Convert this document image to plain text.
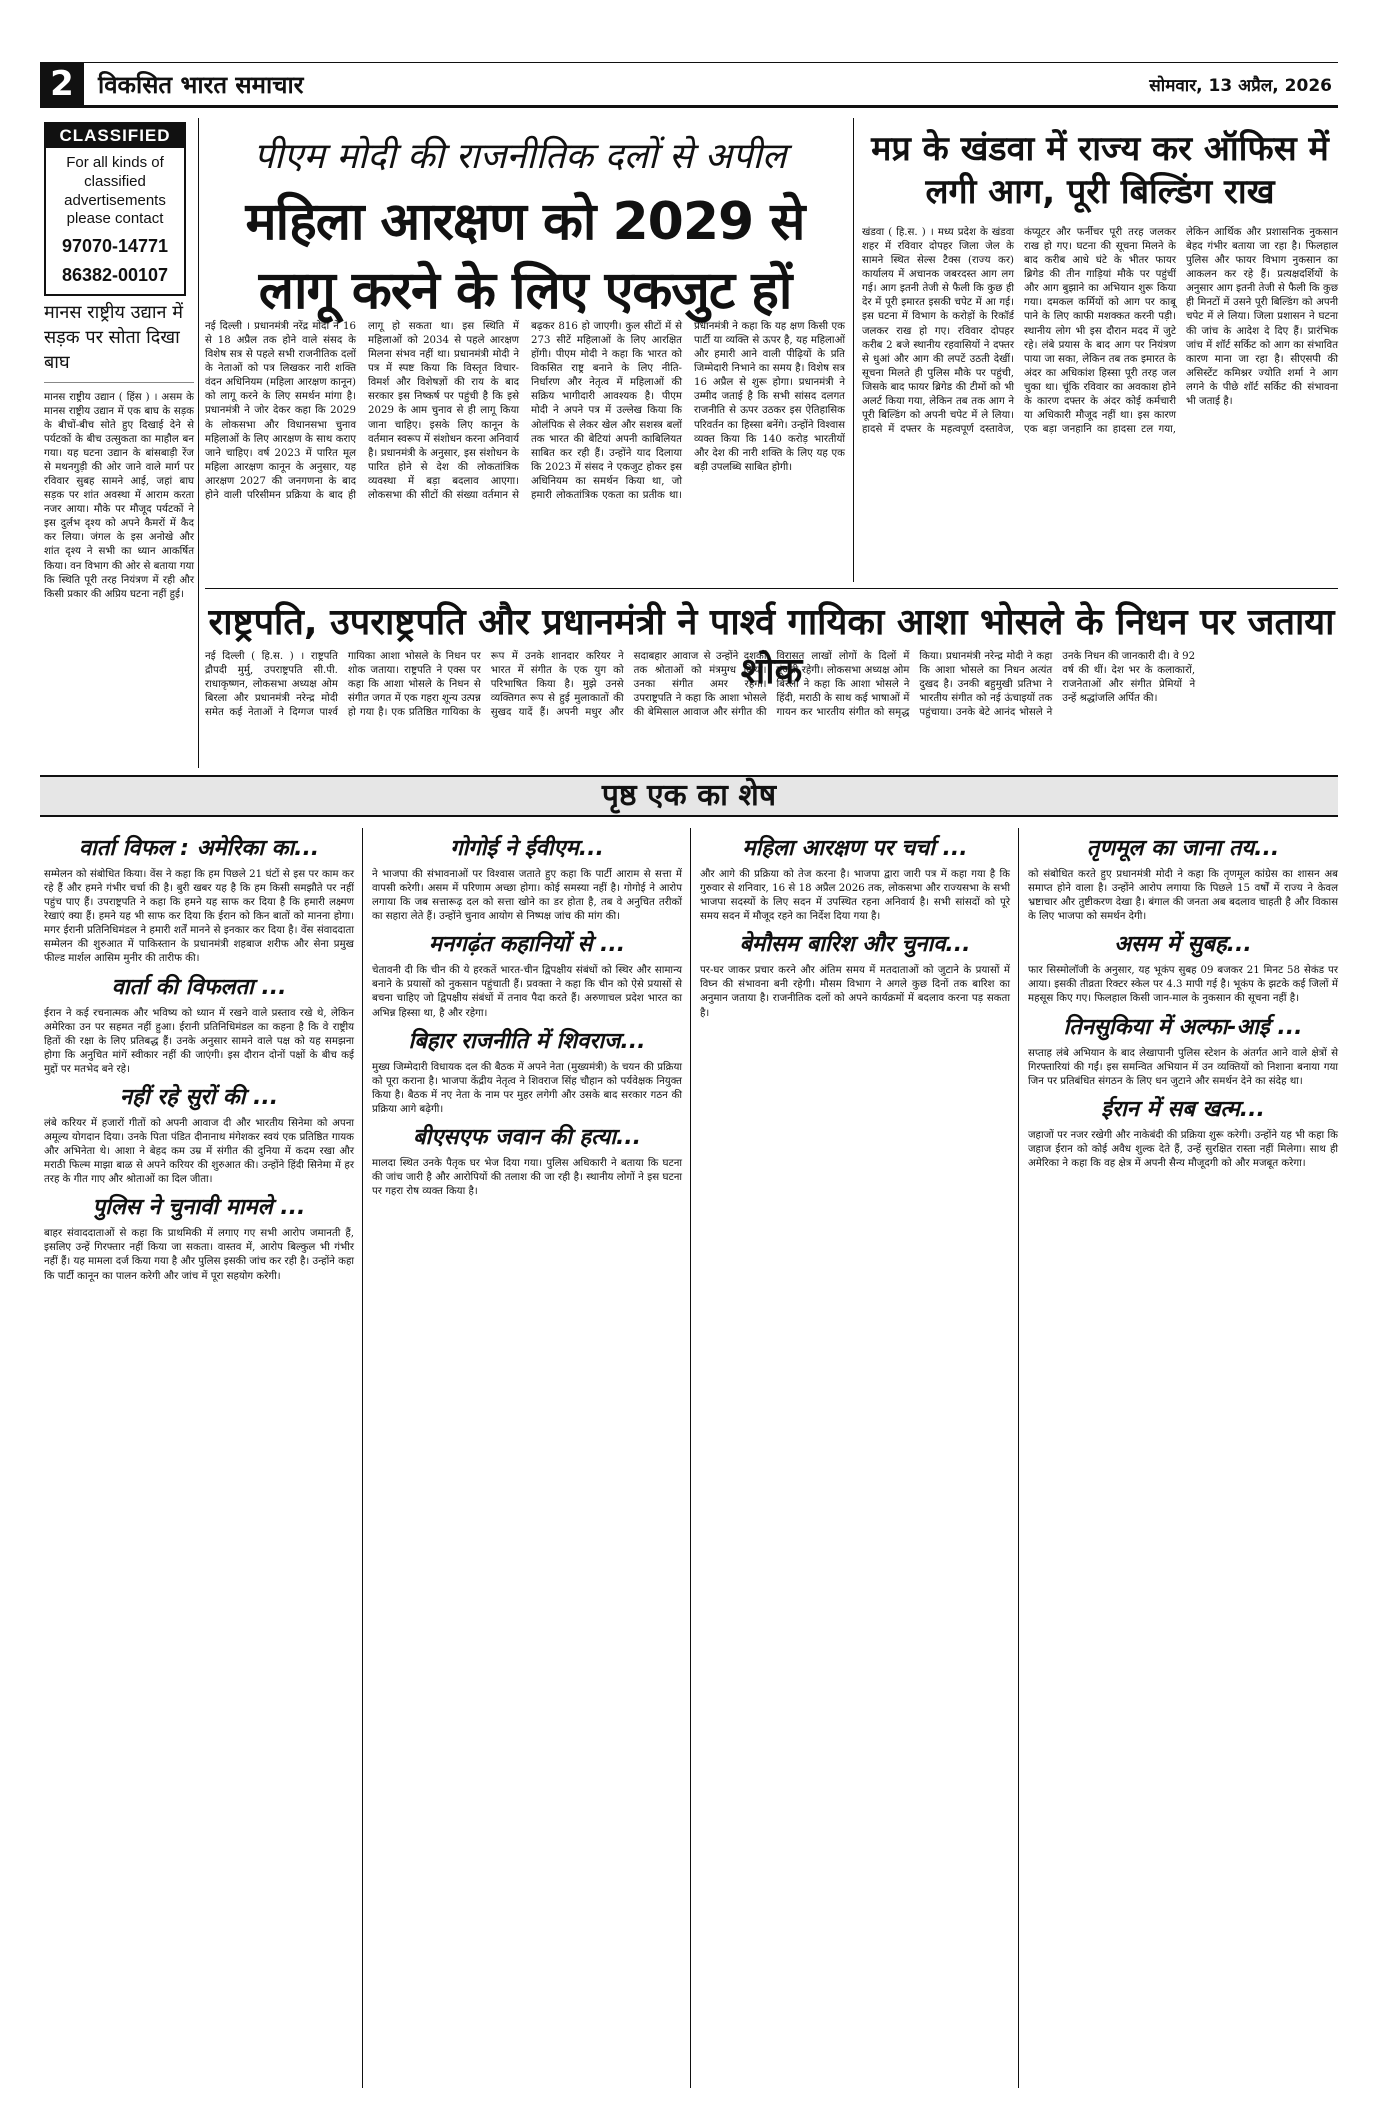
2	विकसित भारत समाचार	सोमवार, 13 अप्रैल, 2026
CLASSIFIED
For all kinds of classified advertisements please contact
97070-14771
86382-00107
मानस राष्ट्रीय उद्यान में सड़क पर सोता दिखा बाघ
मानस राष्ट्रीय उद्यान ( हिंस ) । असम के मानस राष्ट्रीय उद्यान में एक बाघ के सड़क के बीचों-बीच सोते हुए दिखाई देने से पर्यटकों के बीच उत्सुकता का माहौल बन गया। यह घटना उद्यान के बांसबाड़ी रेंज से मथनगुड़ी की ओर जाने वाले मार्ग पर रविवार सुबह सामने आई, जहां बाघ सड़क पर शांत अवस्था में आराम करता नजर आया। मौके पर मौजूद पर्यटकों ने इस दुर्लभ दृश्य को अपने कैमरों में कैद कर लिया। जंगल के इस अनोखे और शांत दृश्य ने सभी का ध्यान आकर्षित किया। वन विभाग की ओर से बताया गया कि स्थिति पूरी तरह नियंत्रण में रही और किसी प्रकार की अप्रिय घटना नहीं हुई।
पीएम मोदी की राजनीतिक दलों से अपील
महिला आरक्षण को 2029 से लागू करने के लिए एकजुट हों
नई दिल्ली । प्रधानमंत्री नरेंद्र मोदी ने 16 से 18 अप्रैल तक होने वाले संसद के विशेष सत्र से पहले सभी राजनीतिक दलों के नेताओं को पत्र लिखकर नारी शक्ति वंदन अधिनियम (महिला आरक्षण कानून) को लागू करने के लिए समर्थन मांगा है। प्रधानमंत्री ने जोर देकर कहा कि 2029 के लोकसभा और विधानसभा चुनाव महिलाओं के लिए आरक्षण के साथ कराए जाने चाहिए। वर्ष 2023 में पारित मूल महिला आरक्षण कानून के अनुसार, यह आरक्षण 2027 की जनगणना के बाद होने वाली परिसीमन प्रक्रिया के बाद ही लागू हो सकता था। इस स्थिति में महिलाओं को 2034 से पहले आरक्षण मिलना संभव नहीं था। प्रधानमंत्री मोदी ने पत्र में स्पष्ट किया कि विस्तृत विचार-विमर्श और विशेषज्ञों की राय के बाद सरकार इस निष्कर्ष पर पहुंची है कि इसे 2029 के आम चुनाव से ही लागू किया जाना चाहिए। इसके लिए कानून के वर्तमान स्वरूप में संशोधन करना अनिवार्य है। प्रधानमंत्री के अनुसार, इस संशोधन के पारित होने से देश की लोकतांत्रिक व्यवस्था में बड़ा बदलाव आएगा। लोकसभा की सीटों की संख्या वर्तमान से बढ़कर 816 हो जाएगी। कुल सीटों में से 273 सीटें महिलाओं के लिए आरक्षित होंगी। पीएम मोदी ने कहा कि भारत को विकसित राष्ट्र बनाने के लिए नीति-निर्धारण और नेतृत्व में महिलाओं की सक्रिय भागीदारी आवश्यक है। पीएम मोदी ने अपने पत्र में उल्लेख किया कि ओलंपिक से लेकर खेल और सशस्त्र बलों तक भारत की बेटियां अपनी काबिलियत साबित कर रही हैं। उन्होंने याद दिलाया कि 2023 में संसद ने एकजुट होकर इस अधिनियम का समर्थन किया था, जो हमारी लोकतांत्रिक एकता का प्रतीक था। प्रधानमंत्री ने कहा कि यह क्षण किसी एक पार्टी या व्यक्ति से ऊपर है, यह महिलाओं और हमारी आने वाली पीढ़ियों के प्रति जिम्मेदारी निभाने का समय है। विशेष सत्र 16 अप्रैल से शुरू होगा। प्रधानमंत्री ने उम्मीद जताई है कि सभी सांसद दलगत राजनीति से ऊपर उठकर इस ऐतिहासिक परिवर्तन का हिस्सा बनेंगे। उन्होंने विश्वास व्यक्त किया कि 140 करोड़ भारतीयों और देश की नारी शक्ति के लिए यह एक बड़ी उपलब्धि साबित होगी।
मप्र के खंडवा में राज्य कर ऑफिस में लगी आग, पूरी बिल्डिंग राख
खंडवा ( हि.स. ) । मध्य प्रदेश के खंडवा शहर में रविवार दोपहर जिला जेल के सामने स्थित सेल्स टैक्स (राज्य कर) कार्यालय में अचानक जबरदस्त आग लग गई। आग इतनी तेजी से फैली कि कुछ ही देर में पूरी इमारत इसकी चपेट में आ गई। इस घटना में विभाग के करोड़ों के रिकॉर्ड जलकर राख हो गए। रविवार दोपहर करीब 2 बजे स्थानीय रहवासियों ने दफ्तर से धुआं और आग की लपटें उठती देखीं। सूचना मिलते ही पुलिस मौके पर पहुंची, जिसके बाद फायर ब्रिगेड की टीमों को भी अलर्ट किया गया, लेकिन तब तक आग ने पूरी बिल्डिंग को अपनी चपेट में ले लिया। हादसे में दफ्तर के महत्वपूर्ण दस्तावेज, कंप्यूटर और फर्नीचर पूरी तरह जलकर राख हो गए। घटना की सूचना मिलने के बाद करीब आधे घंटे के भीतर फायर ब्रिगेड की तीन गाड़ियां मौके पर पहुंचीं और आग बुझाने का अभियान शुरू किया गया। दमकल कर्मियों को आग पर काबू पाने के लिए काफी मशक्कत करनी पड़ी। स्थानीय लोग भी इस दौरान मदद में जुटे रहे। लंबे प्रयास के बाद आग पर नियंत्रण पाया जा सका, लेकिन तब तक इमारत के अंदर का अधिकांश हिस्सा पूरी तरह जल चुका था। चूंकि रविवार का अवकाश होने के कारण दफ्तर के अंदर कोई कर्मचारी या अधिकारी मौजूद नहीं था। इस कारण एक बड़ा जनहानि का हादसा टल गया, लेकिन आर्थिक और प्रशासनिक नुकसान बेहद गंभीर बताया जा रहा है। फिलहाल पुलिस और फायर विभाग नुकसान का आकलन कर रहे हैं। प्रत्यक्षदर्शियों के अनुसार आग इतनी तेजी से फैली कि कुछ ही मिनटों में उसने पूरी बिल्डिंग को अपनी चपेट में ले लिया। जिला प्रशासन ने घटना की जांच के आदेश दे दिए हैं। प्रारंभिक जांच में शॉर्ट सर्किट को आग का संभावित कारण माना जा रहा है। सीएसपी की असिस्टेंट कमिश्नर ज्योति शर्मा ने आग लगने के पीछे शॉर्ट सर्किट की संभावना भी जताई है।
राष्ट्रपति, उपराष्ट्रपति और प्रधानमंत्री ने पार्श्व गायिका आशा भोसले के निधन पर जताया शोक
नई दिल्ली ( हि.स. ) । राष्ट्रपति द्रौपदी मुर्मु, उपराष्ट्रपति सी.पी. राधाकृष्णन, लोकसभा अध्यक्ष ओम बिरला और प्रधानमंत्री नरेन्द्र मोदी समेत कई नेताओं ने दिग्गज पार्श्व गायिका आशा भोसले के निधन पर शोक जताया। राष्ट्रपति ने एक्स पर कहा कि आशा भोसले के निधन से संगीत जगत में एक गहरा शून्य उत्पन्न हो गया है। एक प्रतिष्ठित गायिका के रूप में उनके शानदार करियर ने भारत में संगीत के एक युग को परिभाषित किया है। मुझे उनसे व्यक्तिगत रूप से हुई मुलाकातों की सुखद यादें हैं। अपनी मधुर और सदाबहार आवाज से उन्होंने दशकों तक श्रोताओं को मंत्रमुग्ध किया। उनका संगीत अमर रहेगा। उपराष्ट्रपति ने कहा कि आशा भोसले की बेमिसाल आवाज और संगीत की विरासत लाखों लोगों के दिलों में गूंजती रहेगी। लोकसभा अध्यक्ष ओम बिरला ने कहा कि आशा भोसले ने हिंदी, मराठी के साथ कई भाषाओं में गायन कर भारतीय संगीत को समृद्ध किया। प्रधानमंत्री नरेन्द्र मोदी ने कहा कि आशा भोसले का निधन अत्यंत दुखद है। उनकी बहुमुखी प्रतिभा ने भारतीय संगीत को नई ऊंचाइयों तक पहुंचाया। उनके बेटे आनंद भोसले ने उनके निधन की जानकारी दी। वे 92 वर्ष की थीं। देश भर के कलाकारों, राजनेताओं और संगीत प्रेमियों ने उन्हें श्रद्धांजलि अर्पित की।
पृष्ठ एक का शेष
वार्ता विफल : अमेरिका का...
सम्मेलन को संबोधित किया। वेंस ने कहा कि हम पिछले 21 घंटों से इस पर काम कर रहे हैं और हमने गंभीर चर्चा की है। बुरी खबर यह है कि हम किसी समझौते पर नहीं पहुंच पाए हैं। उपराष्ट्रपति ने कहा कि हमने यह साफ कर दिया है कि हमारी लक्ष्मण रेखाएं क्या हैं। हमने यह भी साफ कर दिया कि ईरान को किन बातों को मानना होगा। मगर ईरानी प्रतिनिधिमंडल ने हमारी शर्तें मानने से इनकार कर दिया है। वेंस संवाददाता सम्मेलन की शुरुआत में पाकिस्तान के प्रधानमंत्री शहबाज शरीफ और सेना प्रमुख फील्ड मार्शल आसिम मुनीर की तारीफ की।
वार्ता की विफलता ...
ईरान ने कई रचनात्मक और भविष्य को ध्यान में रखने वाले प्रस्ताव रखे थे, लेकिन अमेरिका उन पर सहमत नहीं हुआ। ईरानी प्रतिनिधिमंडल का कहना है कि वे राष्ट्रीय हितों की रक्षा के लिए प्रतिबद्ध हैं। उनके अनुसार सामने वाले पक्ष को यह समझना होगा कि अनुचित मांगें स्वीकार नहीं की जाएंगी। इस दौरान दोनों पक्षों के बीच कई मुद्दों पर मतभेद बने रहे।
नहीं रहे सुरों की ...
लंबे करियर में हजारों गीतों को अपनी आवाज दी और भारतीय सिनेमा को अपना अमूल्य योगदान दिया। उनके पिता पंडित दीनानाथ मंगेशकर स्वयं एक प्रतिष्ठित गायक और अभिनेता थे। आशा ने बेहद कम उम्र में संगीत की दुनिया में कदम रखा और मराठी फिल्म माझा बाळ से अपने करियर की शुरुआत की। उन्होंने हिंदी सिनेमा में हर तरह के गीत गाए और श्रोताओं का दिल जीता।
पुलिस ने चुनावी मामले ...
बाहर संवाददाताओं से कहा कि प्राथमिकी में लगाए गए सभी आरोप जमानती हैं, इसलिए उन्हें गिरफ्तार नहीं किया जा सकता। वास्तव में, आरोप बिल्कुल भी गंभीर नहीं हैं। यह मामला दर्ज किया गया है और पुलिस इसकी जांच कर रही है। उन्होंने कहा कि पार्टी कानून का पालन करेगी और जांच में पूरा सहयोग करेगी।
गोगोई ने ईवीएम...
ने भाजपा की संभावनाओं पर विश्वास जताते हुए कहा कि पार्टी आराम से सत्ता में वापसी करेगी। असम में परिणाम अच्छा होगा। कोई समस्या नहीं है। गोगोई ने आरोप लगाया कि जब सत्तारूढ़ दल को सत्ता खोने का डर होता है, तब वे अनुचित तरीकों का सहारा लेते हैं। उन्होंने चुनाव आयोग से निष्पक्ष जांच की मांग की।
मनगढ़ंत कहानियों से ...
चेतावनी दी कि चीन की ये हरकतें भारत-चीन द्विपक्षीय संबंधों को स्थिर और सामान्य बनाने के प्रयासों को नुकसान पहुंचाती हैं। प्रवक्ता ने कहा कि चीन को ऐसे प्रयासों से बचना चाहिए जो द्विपक्षीय संबंधों में तनाव पैदा करते हैं। अरुणाचल प्रदेश भारत का अभिन्न हिस्सा था, है और रहेगा।
बिहार राजनीति में शिवराज...
मुख्य जिम्मेदारी विधायक दल की बैठक में अपने नेता (मुख्यमंत्री) के चयन की प्रक्रिया को पूरा कराना है। भाजपा केंद्रीय नेतृत्व ने शिवराज सिंह चौहान को पर्यवेक्षक नियुक्त किया है। बैठक में नए नेता के नाम पर मुहर लगेगी और उसके बाद सरकार गठन की प्रक्रिया आगे बढ़ेगी।
बीएसएफ जवान की हत्या...
मालदा स्थित उनके पैतृक घर भेज दिया गया। पुलिस अधिकारी ने बताया कि घटना की जांच जारी है और आरोपियों की तलाश की जा रही है। स्थानीय लोगों ने इस घटना पर गहरा रोष व्यक्त किया है।
महिला आरक्षण पर चर्चा ...
और आगे की प्रक्रिया को तेज करना है। भाजपा द्वारा जारी पत्र में कहा गया है कि गुरुवार से शनिवार, 16 से 18 अप्रैल 2026 तक, लोकसभा और राज्यसभा के सभी भाजपा सदस्यों के लिए सदन में उपस्थित रहना अनिवार्य है। सभी सांसदों को पूरे समय सदन में मौजूद रहने का निर्देश दिया गया है।
बेमौसम बारिश और चुनाव...
पर-घर जाकर प्रचार करने और अंतिम समय में मतदाताओं को जुटाने के प्रयासों में विघ्न की संभावना बनी रहेगी। मौसम विभाग ने अगले कुछ दिनों तक बारिश का अनुमान जताया है। राजनीतिक दलों को अपने कार्यक्रमों में बदलाव करना पड़ सकता है।
तृणमूल का जाना तय...
को संबोधित करते हुए प्रधानमंत्री मोदी ने कहा कि तृणमूल कांग्रेस का शासन अब समाप्त होने वाला है। उन्होंने आरोप लगाया कि पिछले 15 वर्षों में राज्य ने केवल भ्रष्टाचार और तुष्टीकरण देखा है। बंगाल की जनता अब बदलाव चाहती है और विकास के लिए भाजपा को समर्थन देगी।
असम में सुबह...
फार सिस्मोलॉजी के अनुसार, यह भूकंप सुबह 09 बजकर 21 मिनट 58 सेकंड पर आया। इसकी तीव्रता रिक्टर स्केल पर 4.3 मापी गई है। भूकंप के झटके कई जिलों में महसूस किए गए। फिलहाल किसी जान-माल के नुकसान की सूचना नहीं है।
तिनसुकिया में अल्फा-आई ...
सप्ताह लंबे अभियान के बाद लेखापानी पुलिस स्टेशन के अंतर्गत आने वाले क्षेत्रों से गिरफ्तारियां की गईं। इस समन्वित अभियान में उन व्यक्तियों को निशाना बनाया गया जिन पर प्रतिबंधित संगठन के लिए धन जुटाने और समर्थन देने का संदेह था।
ईरान में सब खत्म...
जहाजों पर नजर रखेगी और नाकेबंदी की प्रक्रिया शुरू करेगी। उन्होंने यह भी कहा कि जहाज ईरान को कोई अवैध शुल्क देते हैं, उन्हें सुरक्षित रास्ता नहीं मिलेगा। साथ ही अमेरिका ने कहा कि वह क्षेत्र में अपनी सैन्य मौजूदगी को और मजबूत करेगा।
